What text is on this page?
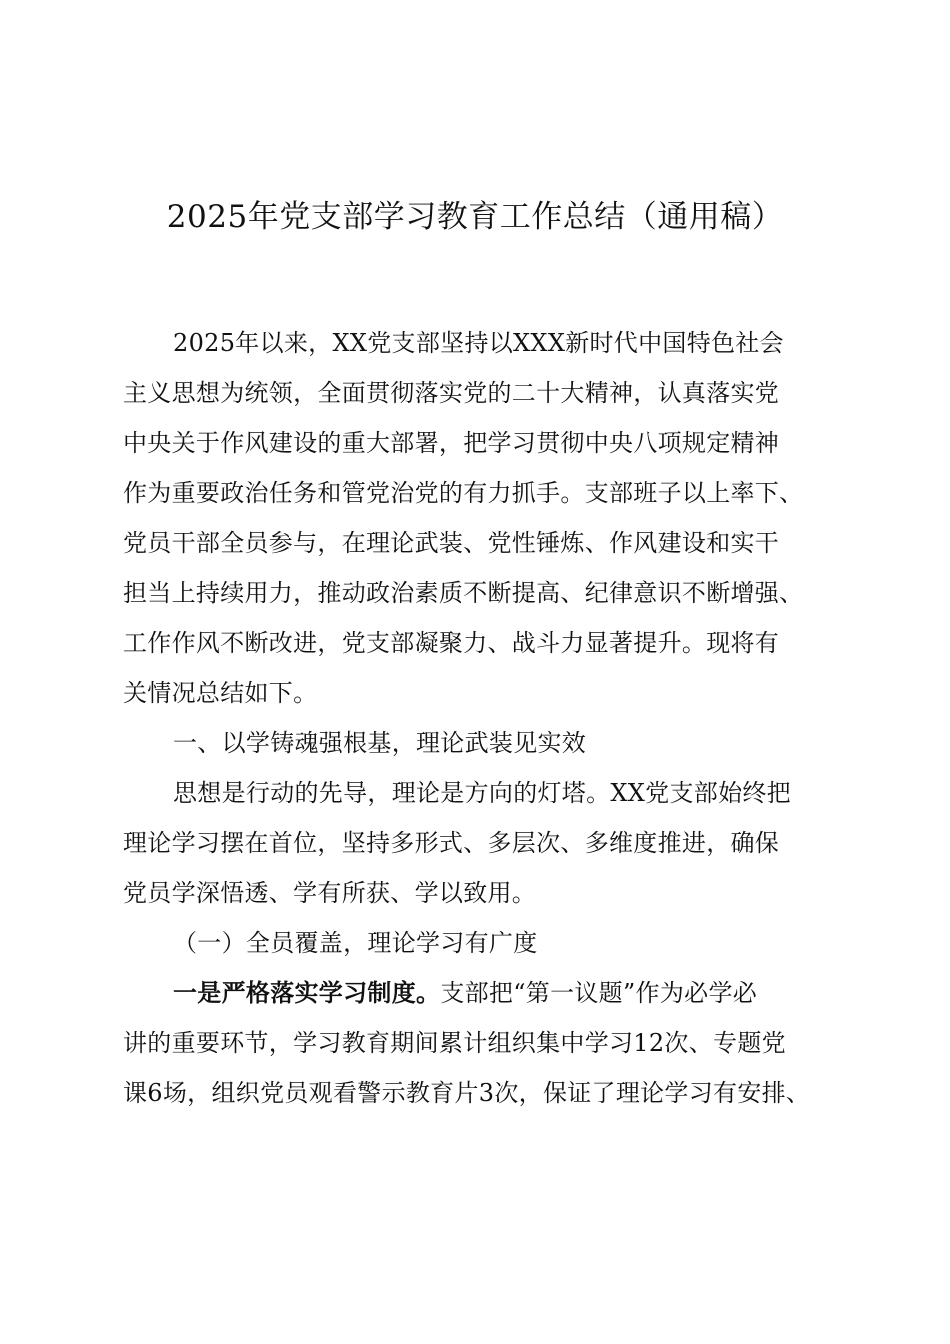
2025年党支部学习教育工作总结（通用稿）
2025年以来，XX党支部坚持以XXX新时代中国特色社会
主义思想为统领，全面贯彻落实党的二十大精神，认真落实党
中央关于作风建设的重大部署，把学习贯彻中央八项规定精神
作为重要政治任务和管党治党的有力抓手。支部班子以上率下、
党员干部全员参与，在理论武装、党性锤炼、作风建设和实干
担当上持续用力，推动政治素质不断提高、纪律意识不断增强、
工作作风不断改进，党支部凝聚力、战斗力显著提升。现将有
关情况总结如下。
一、以学铸魂强根基，理论武装见实效
思想是行动的先导，理论是方向的灯塔。XX党支部始终把
理论学习摆在首位，坚持多形式、多层次、多维度推进，确保
党员学深悟透、学有所获、学以致用。
（一）全员覆盖，理论学习有广度
一是严格落实学习制度。支部把“第一议题”作为必学必
讲的重要环节，学习教育期间累计组织集中学习12次、专题党
课6场，组织党员观看警示教育片3次，保证了理论学习有安排、
